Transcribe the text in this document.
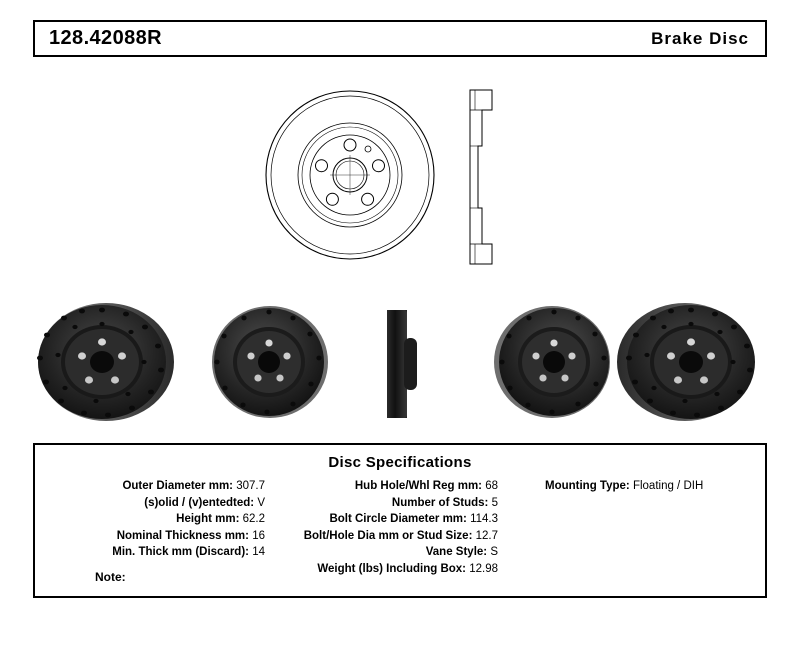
128.42088R	Brake Disc
Disc Specifications
Outer Diameter mm: 307.7
(s)olid / (v)entedted: V
Height mm: 62.2
Nominal Thickness mm: 16
Min. Thick mm (Discard): 14
Hub Hole/Whl Reg mm: 68
Number of Studs: 5
Bolt Circle Diameter mm: 114.3
Bolt/Hole Dia mm or Stud Size: 12.7
Vane Style: S
Weight (lbs) Including Box: 12.98
Mounting Type: Floating / DIH
Note:
